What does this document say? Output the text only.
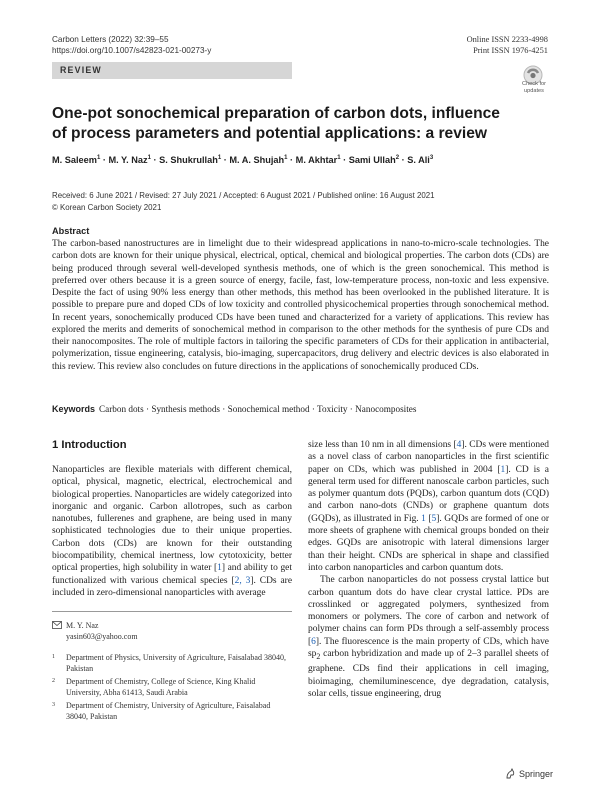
Carbon Letters (2022) 32:39–55
https://doi.org/10.1007/s42823-021-00273-y
Online ISSN 2233-4998
Print ISSN 1976-4251
REVIEW
Check for
updates
One-pot sonochemical preparation of carbon dots, influence of process parameters and potential applications: a review
M. Saleem$^1$ · M. Y. Naz$^1$ · S. Shukrullah$^1$ · M. A. Shujah$^1$ · M. Akhtar$^1$ · Sami Ullah$^2$ · S. Ali$^3$
Received: 6 June 2021 / Revised: 27 July 2021 / Accepted: 6 August 2021 / Published online: 16 August 2021
© Korean Carbon Society 2021
Abstract
The carbon-based nanostructures are in limelight due to their widespread applications in nano-to-micro-scale technologies. The carbon dots are known for their unique physical, electrical, optical, chemical and biological properties. The carbon dots (CDs) are being produced through several well-developed synthesis methods, one of which is the green sonochemical. This method is preferred over others because it is a green source of energy, facile, fast, low-temperature process, non-toxic and less expensive. Despite the fact of using 90% less energy than other methods, this method has been overlooked in the published literature. It is possible to prepare pure and doped CDs of low toxicity and controlled physicochemical properties through sonochemical method. In recent years, sonochemically produced CDs have been tuned and characterized for a variety of applications. This review has explored the merits and demerits of sonochemical method in comparison to the other methods for the synthesis of pure CDs and their nanocomposites. The role of multiple factors in tailoring the specific parameters of CDs for their application in antibacterial, polymerization, tissue engineering, catalysis, bio-imaging, supercapacitors, drug delivery and electric devices is also elaborated in this review. This review also concludes on future directions in the applications of sonochemically produced CDs.
Keywords Carbon dots · Synthesis methods · Sonochemical method · Toxicity · Nanocomposites
1 Introduction

Nanoparticles are flexible materials with different chemical, optical, physical, magnetic, electrical, electrochemical and biological properties. Nanoparticles are widely categorized into inorganic and organic. Carbon allotropes, such as carbon nanotubes, fullerenes and graphene, are being used in many sophisticated technologies due to their unique properties. Carbon dots (CDs) are known for their outstanding biocompatibility, chemical inertness, low cytotoxicity, better optical properties, high solubility in water [1] and ability to get functionalized with various chemical species [2, 3]. CDs are included in zero-dimensional nanoparticles with average

size less than 10 nm in all dimensions [4]. CDs were mentioned as a novel class of carbon nanoparticles in the first scientific paper on CDs, which was published in 2004 [1]. CD is a general term used for different nanoscale carbon particles, such as polymer quantum dots (PQDs), carbon quantum dots (CQD) and carbon nano-dots (CNDs) or graphene quantum dots (GQDs), as illustrated in Fig. 1 [5]. GQDs are formed of one or more sheets of graphene with chemical groups bonded on their edges. GQDs are anisotropic with lateral dimensions larger than their height. CNDs are spherical in shape and classified into carbon nanoparticles and carbon quantum dots.

The carbon nanoparticles do not possess crystal lattice but carbon quantum dots do have clear crystal lattice. PDs are crosslinked or aggregated polymers, synthesized from monomers or polymers. The core of carbon and network of polymer chains can form PDs through a self-assembly process [6]. The fluorescence is the main property of CDs, which have $sp_2$ carbon hybridization and made up of 2–3 parallel sheets of graphene. CDs find their applications in cell imaging, bioimaging, chemiluminescence, dye degradation, catalysis, solar cells, tissue engineering, drug

M. Y. Naz
yasin603@yahoo.com
1 Department of Physics, University of Agriculture, Faisalabad 38040, Pakistan
2 Department of Chemistry, College of Science, King Khalid University, Abha 61413, Saudi Arabia
3 Department of Chemistry, University of Agriculture, Faisalabad 38040, Pakistan
Springer
